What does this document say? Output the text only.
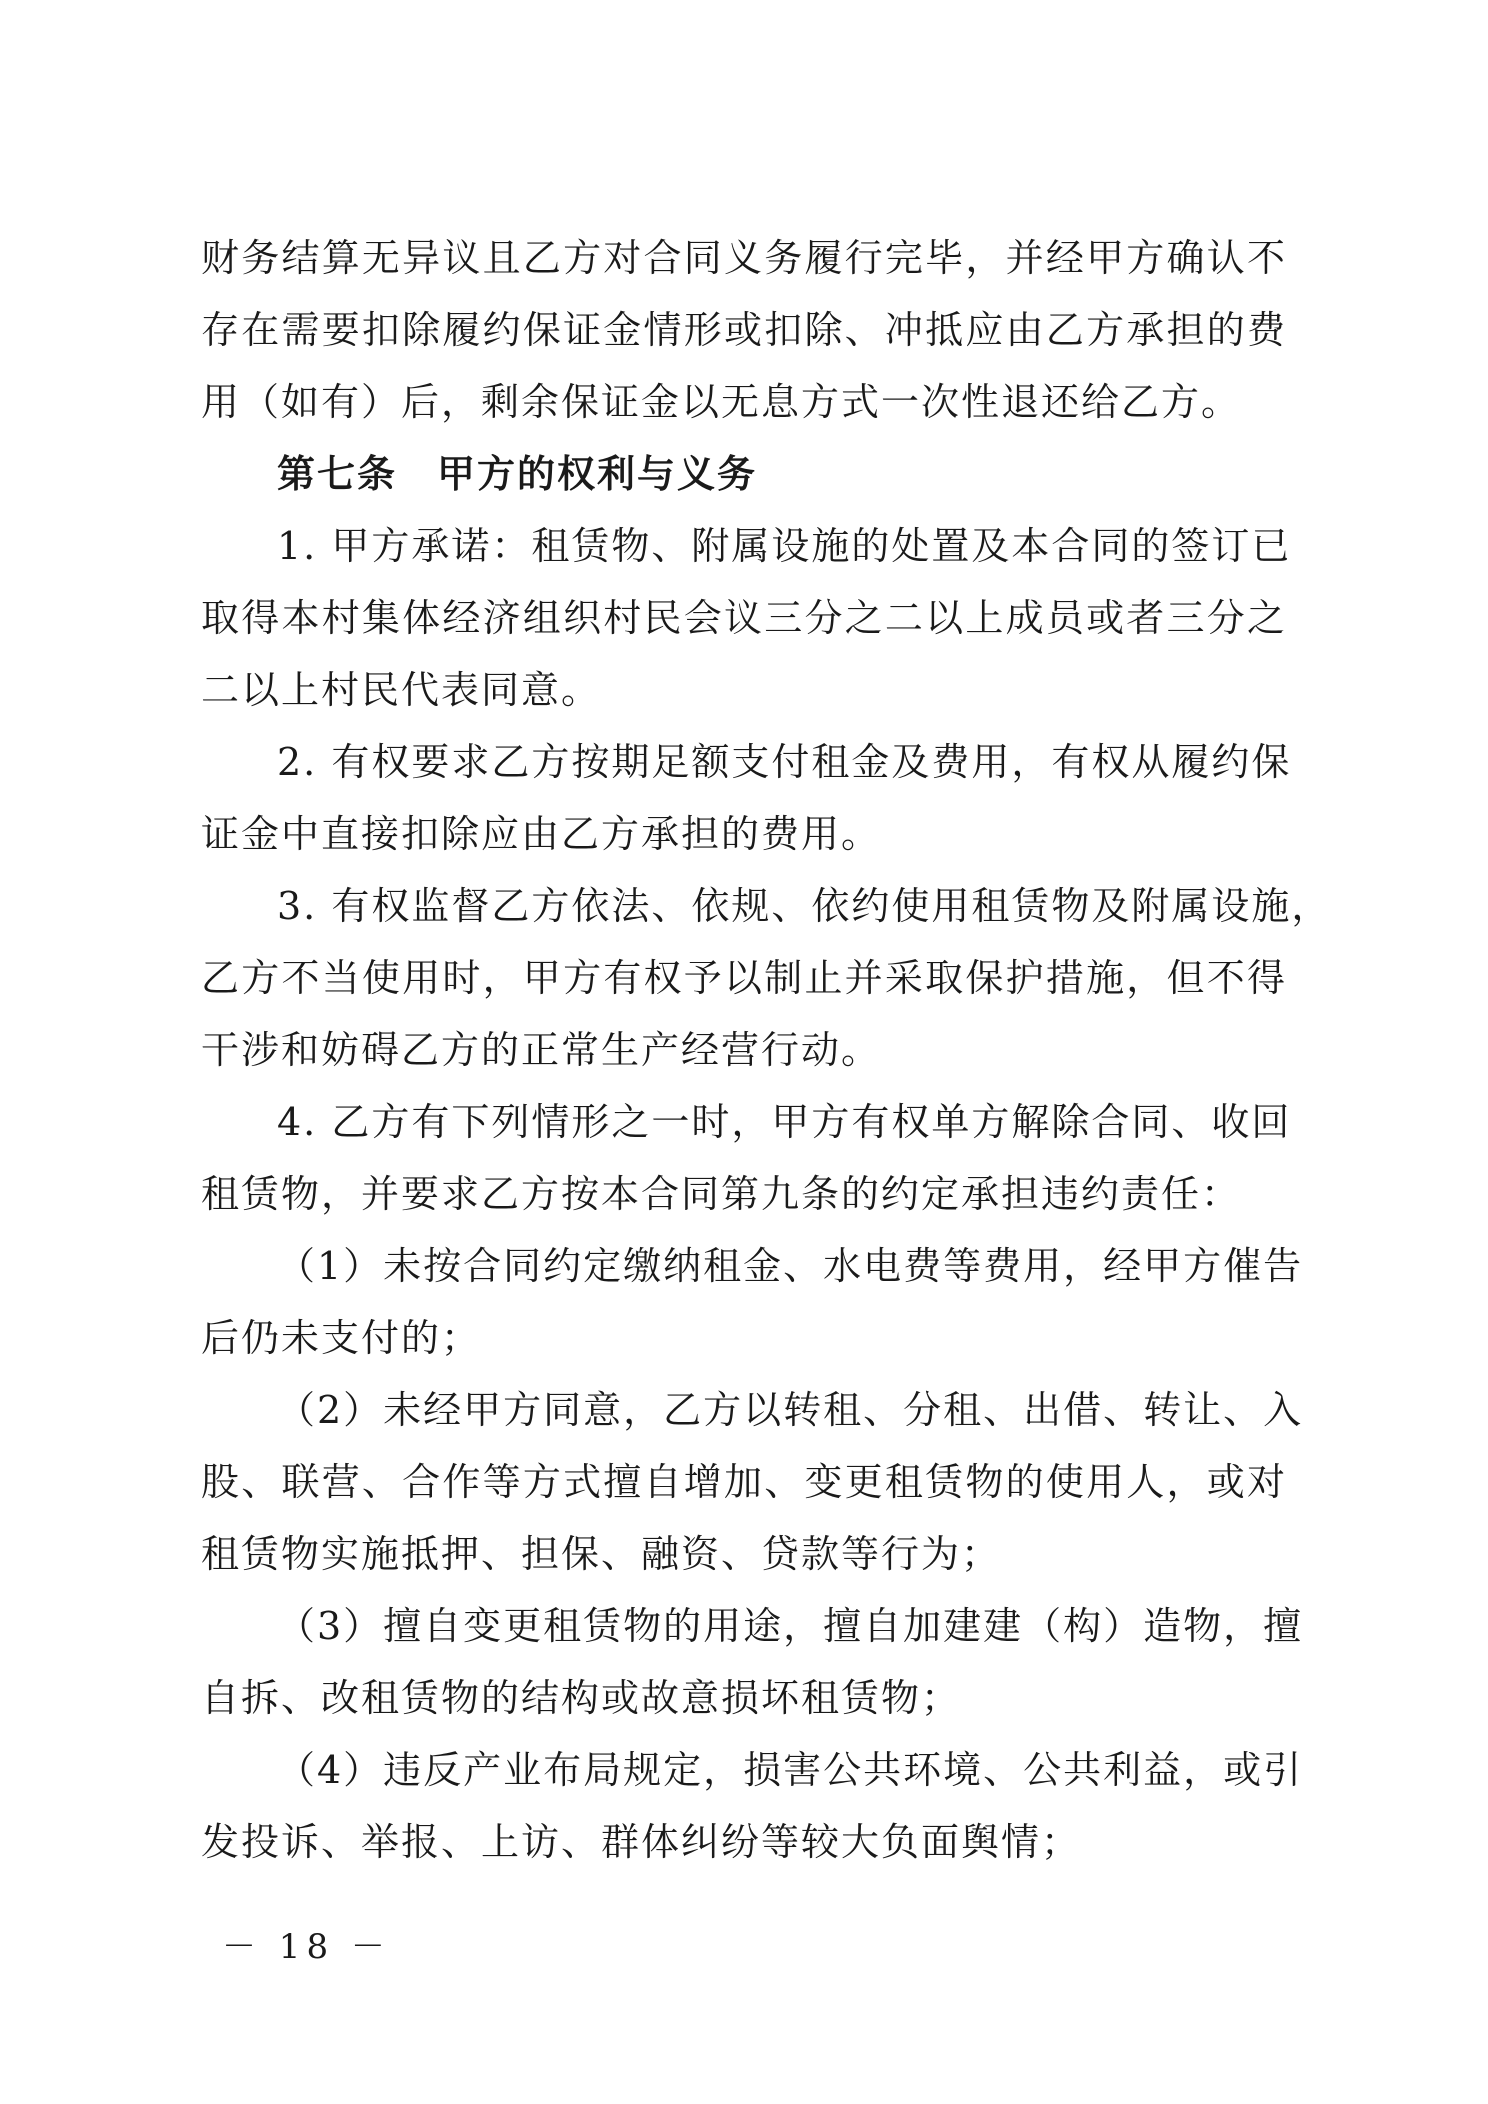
财务结算无异议且乙方对合同义务履行完毕，并经甲方确认不
存在需要扣除履约保证金情形或扣除、冲抵应由乙方承担的费
用（如有）后，剩余保证金以无息方式一次性退还给乙方。
第七条 甲方的权利与义务
1. 甲方承诺：租赁物、附属设施的处置及本合同的签订已
取得本村集体经济组织村民会议三分之二以上成员或者三分之
二以上村民代表同意。
2. 有权要求乙方按期足额支付租金及费用，有权从履约保
证金中直接扣除应由乙方承担的费用。
3. 有权监督乙方依法、依规、依约使用租赁物及附属设施，
乙方不当使用时，甲方有权予以制止并采取保护措施，但不得
干涉和妨碍乙方的正常生产经营行动。
4. 乙方有下列情形之一时，甲方有权单方解除合同、收回
租赁物，并要求乙方按本合同第九条的约定承担违约责任：
（1）未按合同约定缴纳租金、水电费等费用，经甲方催告
后仍未支付的；
（2）未经甲方同意，乙方以转租、分租、出借、转让、入
股、联营、合作等方式擅自增加、变更租赁物的使用人，或对
租赁物实施抵押、担保、融资、贷款等行为；
（3）擅自变更租赁物的用途，擅自加建建（构）造物，擅
自拆、改租赁物的结构或故意损坏租赁物；
（4）违反产业布局规定，损害公共环境、公共利益，或引
发投诉、举报、上访、群体纠纷等较大负面舆情；
－ 18 －
